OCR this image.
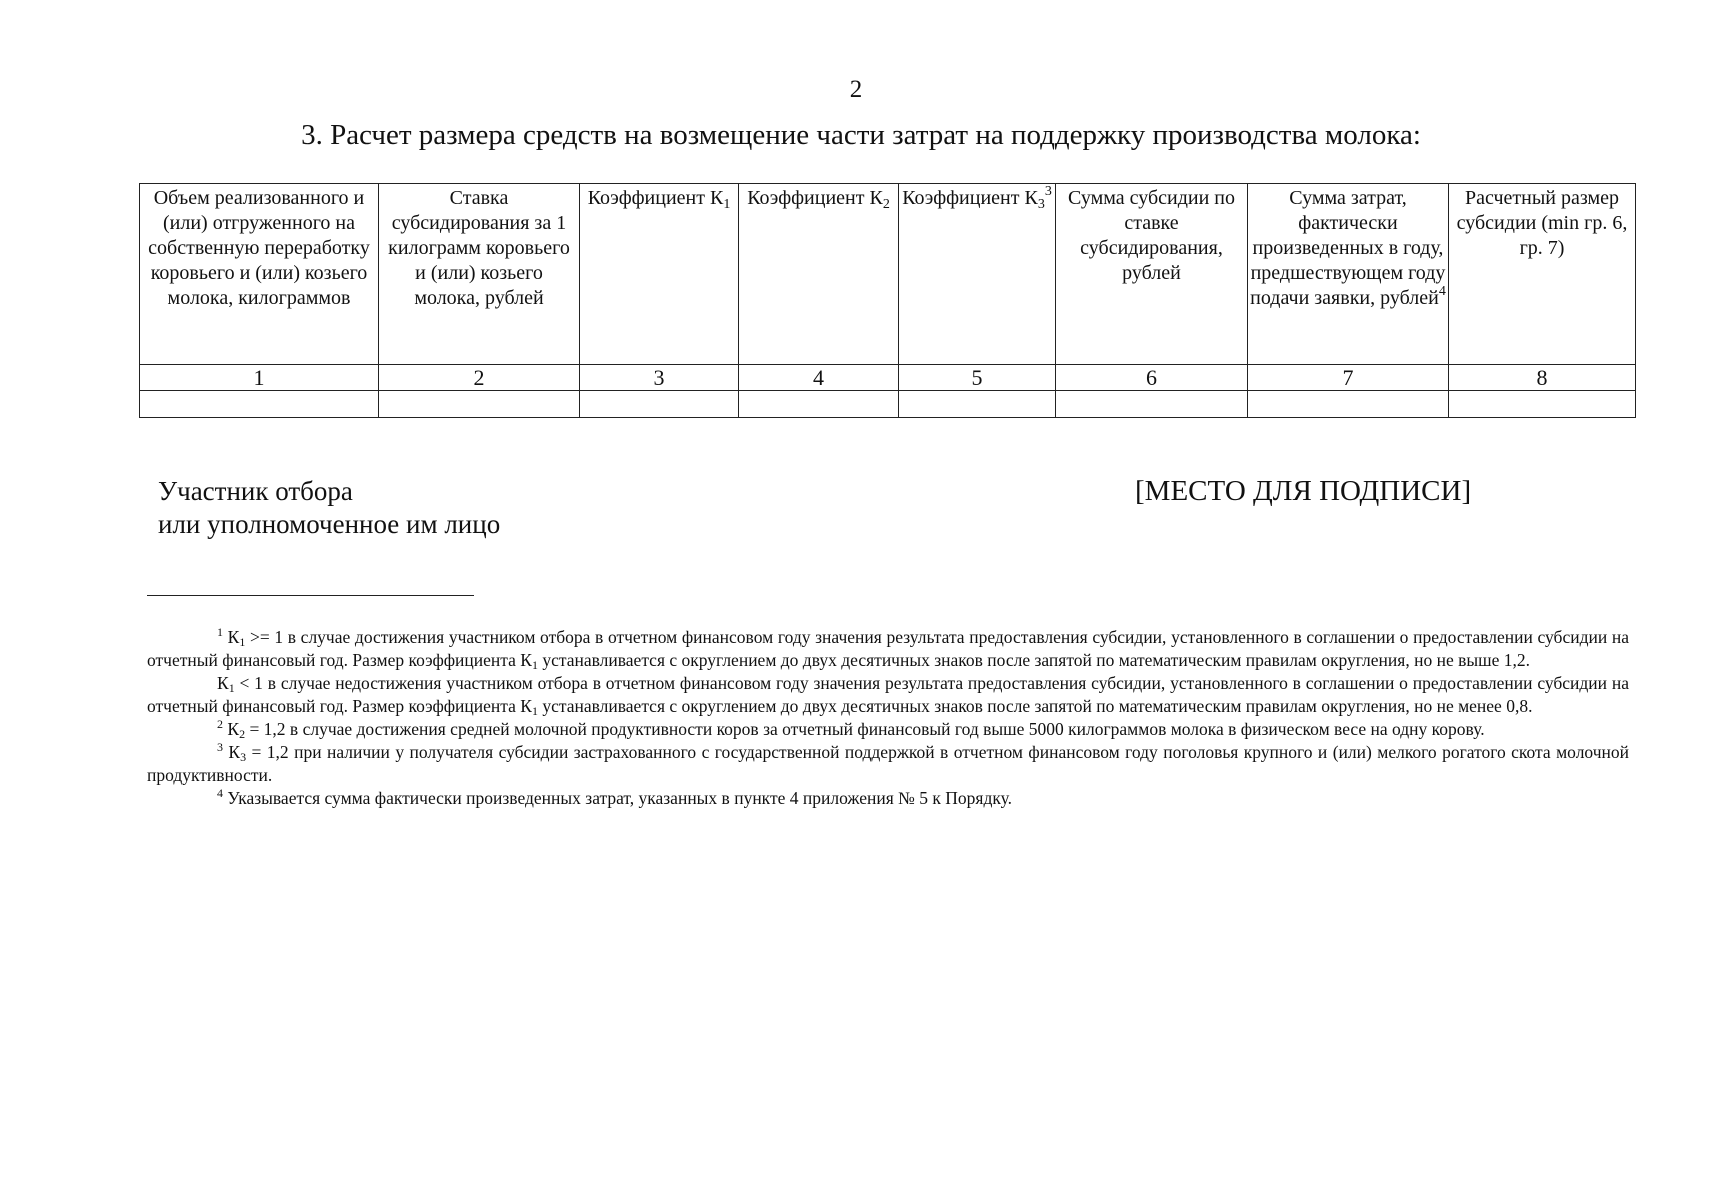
2
3. Расчет размера средств на возмещение части затрат на поддержку производства молока:
Объем реализованного и (или) отгруженного на собственную переработку коровьего и (или) козьего молока, килограммов	Ставка субсидирования за 1 килограмм коровьего и (или) козьего молока, рублей	Коэффициент $К_1$	Коэффициент $К_2$	Коэффициент $К_3^3$	Сумма субсидии по ставке субсидирования, рублей	Сумма затрат, фактически произведенных в году, предшествующем году подачи заявки, рублей$^4$	Расчетный размер субсидии (min гр. 6, гр. 7)
1	2	3	4	5	6	7	8

Участник отбора
или уполномоченное им лицо
[МЕСТО ДЛЯ ПОДПИСИ]

$^1$ $К_1 >= 1$ в случае достижения участником отбора в отчетном финансовом году значения результата предоставления субсидии, установленного в соглашении о предоставлении субсидии на отчетный финансовый год. Размер коэффициента $К_1$ устанавливается с округлением до двух десятичных знаков после запятой по математическим правилам округления, но не выше 1,2.

$К_1 < 1$ в случае недостижения участником отбора в отчетном финансовом году значения результата предоставления субсидии, установленного в соглашении о предоставлении субсидии на отчетный финансовый год. Размер коэффициента $К_1$ устанавливается с округлением до двух десятичных знаков после запятой по математическим правилам округления, но не менее 0,8.

$^2$ $К_2 = 1,2$ в случае достижения средней молочной продуктивности коров за отчетный финансовый год выше 5000 килограммов молока в физическом весе на одну корову.

$^3$ $К_3 = 1,2$ при наличии у получателя субсидии застрахованного с государственной поддержкой в отчетном финансовом году поголовья крупного и (или) мелкого рогатого скота молочной продуктивности.

$^4$ Указывается сумма фактически произведенных затрат, указанных в пункте 4 приложения № 5 к Порядку.
